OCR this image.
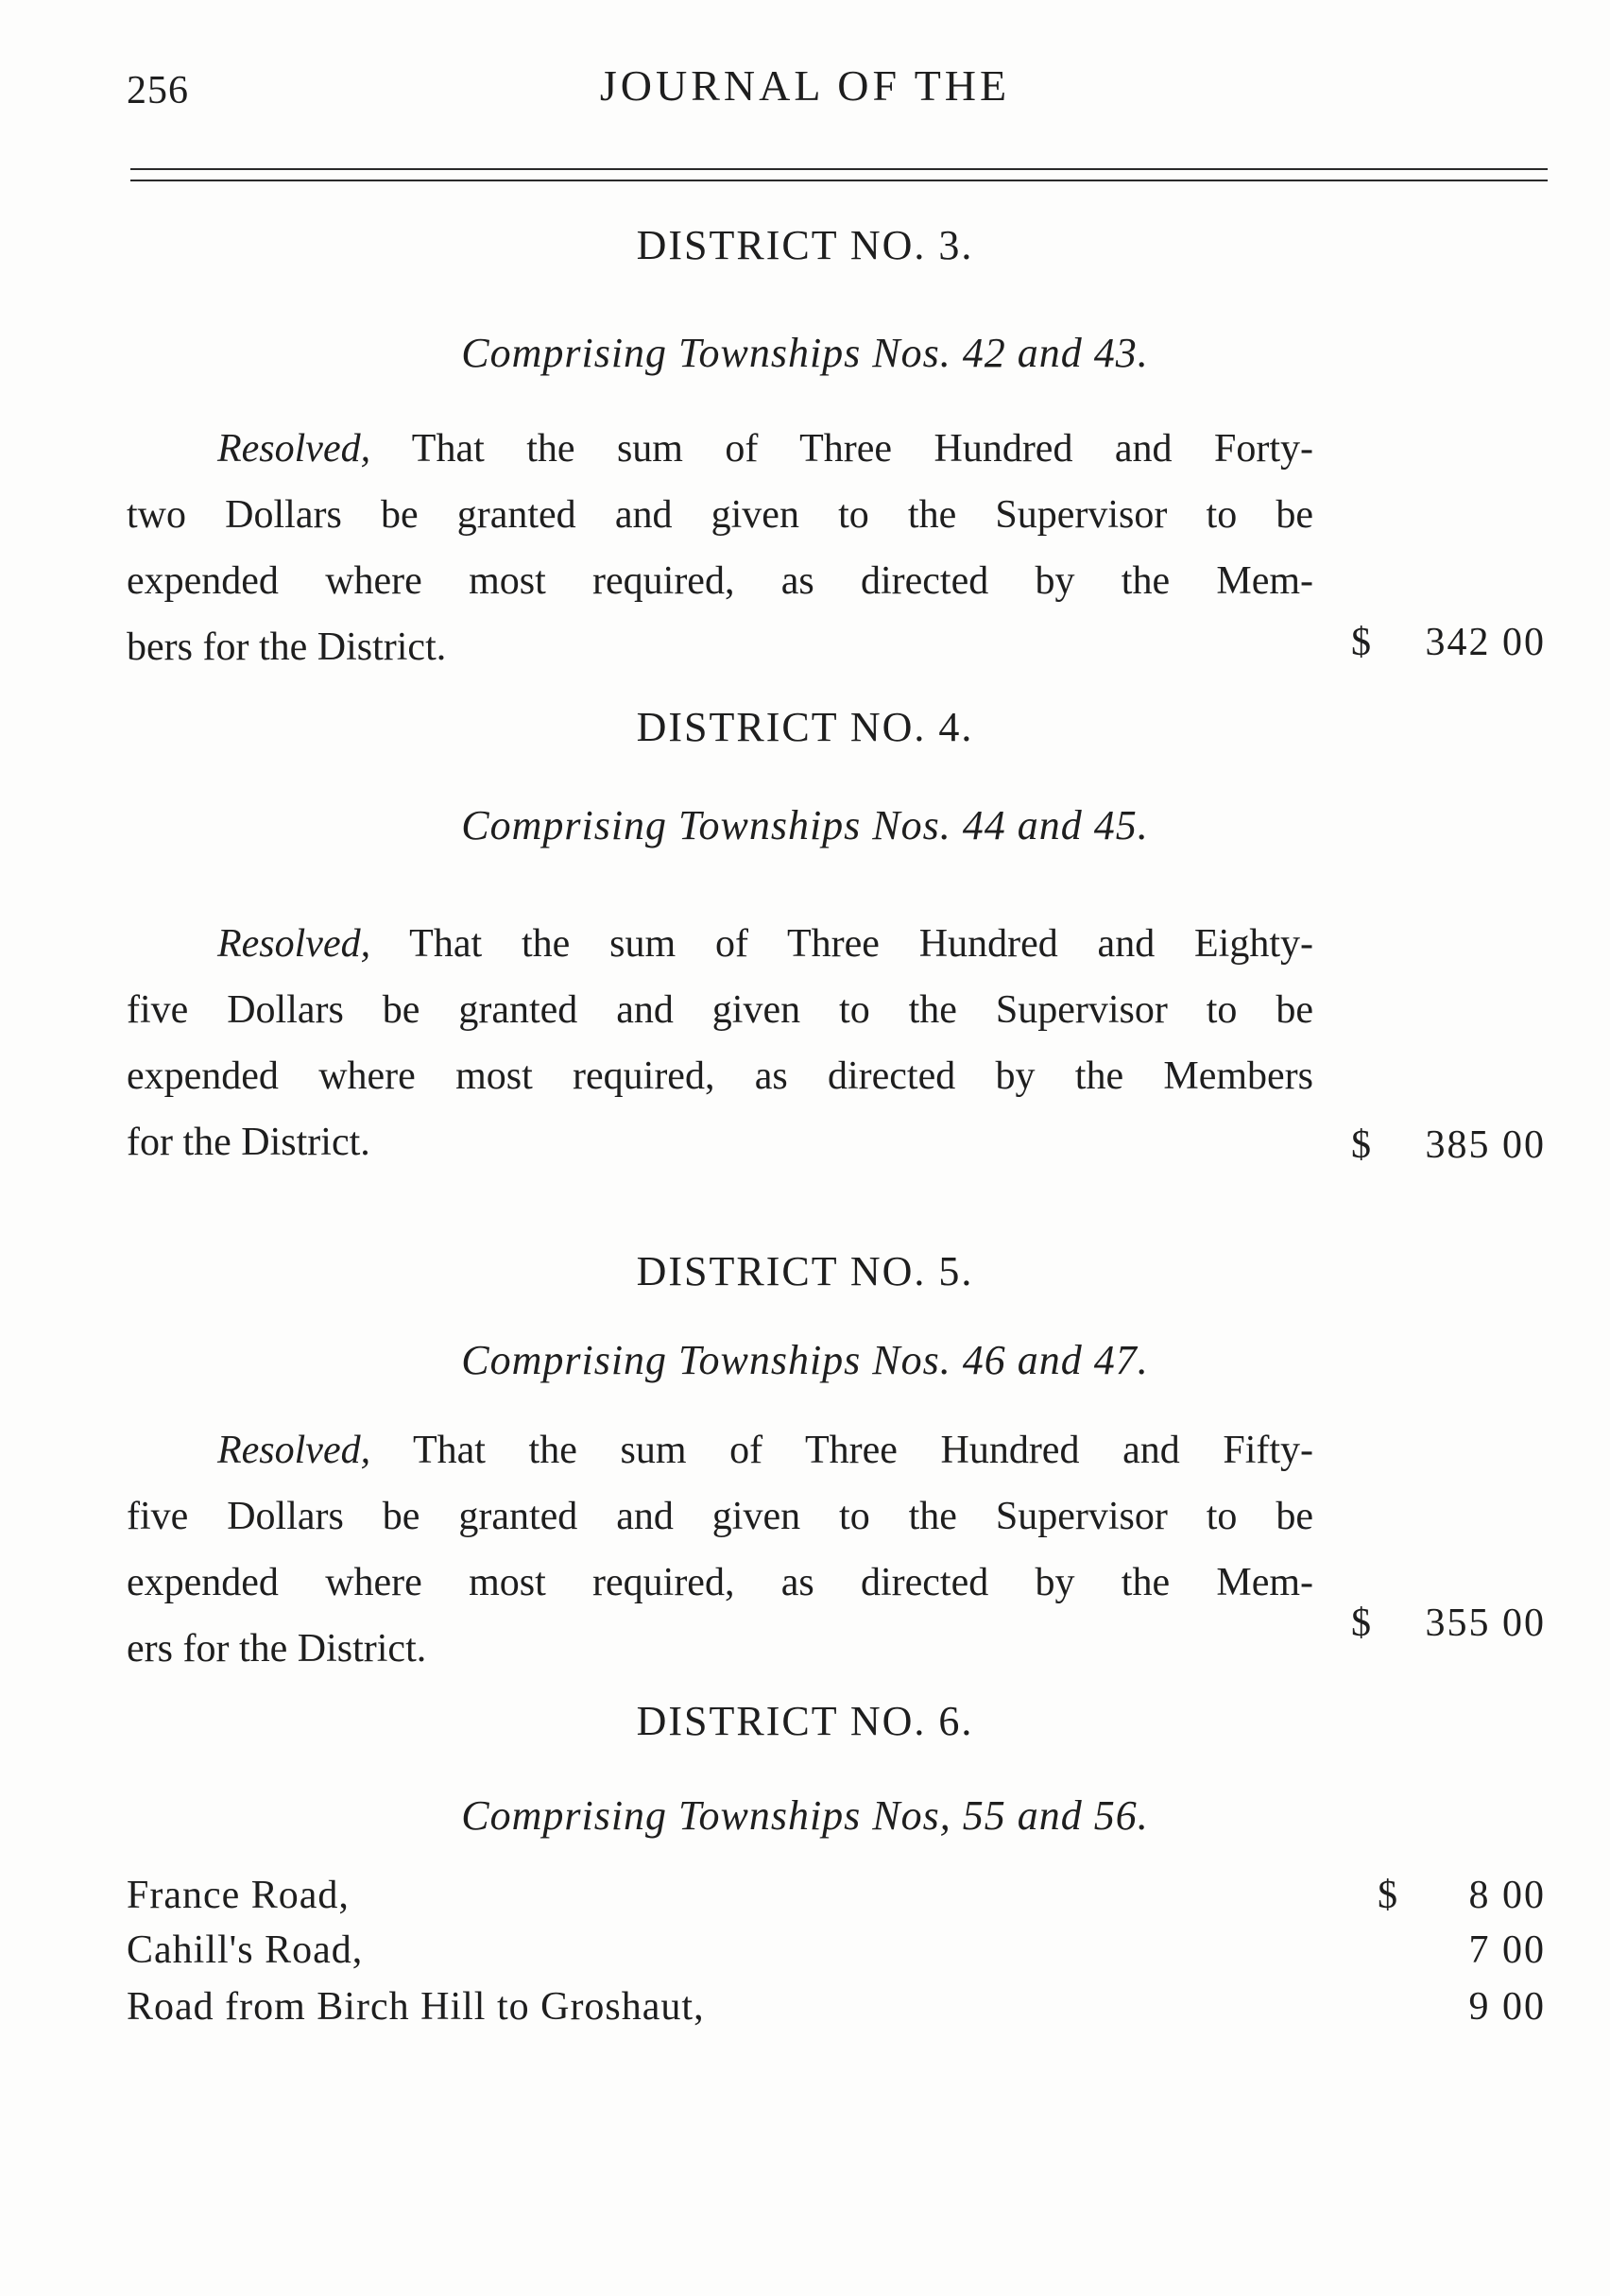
256	JOURNAL OF THE
DISTRICT NO. 3.
Comprising Townships Nos. 42 and 43.
Resolved, That the sum of Three Hundred and Forty-
two Dollars be granted and given to the Supervisor to be
expended where most required, as directed by the Mem-
bers for the District.	$ 342 00
DISTRICT NO. 4.
Comprising Townships Nos. 44 and 45.
Resolved, That the sum of Three Hundred and Eighty-
five Dollars be granted and given to the Supervisor to be
expended where most required, as directed by the Members
for the District.	$ 385 00
DISTRICT NO. 5.
Comprising Townships Nos. 46 and 47.
Resolved, That the sum of Three Hundred and Fifty-
five Dollars be granted and given to the Supervisor to be
expended where most required, as directed by the Mem-
ers for the District.
$ 355 00
DISTRICT NO. 6.
Comprising Townships Nos, 55 and 56.
France Road,	$ 8 00
Cahill's Road,	7 00
Road from Birch Hill to Groshaut,	9 00
